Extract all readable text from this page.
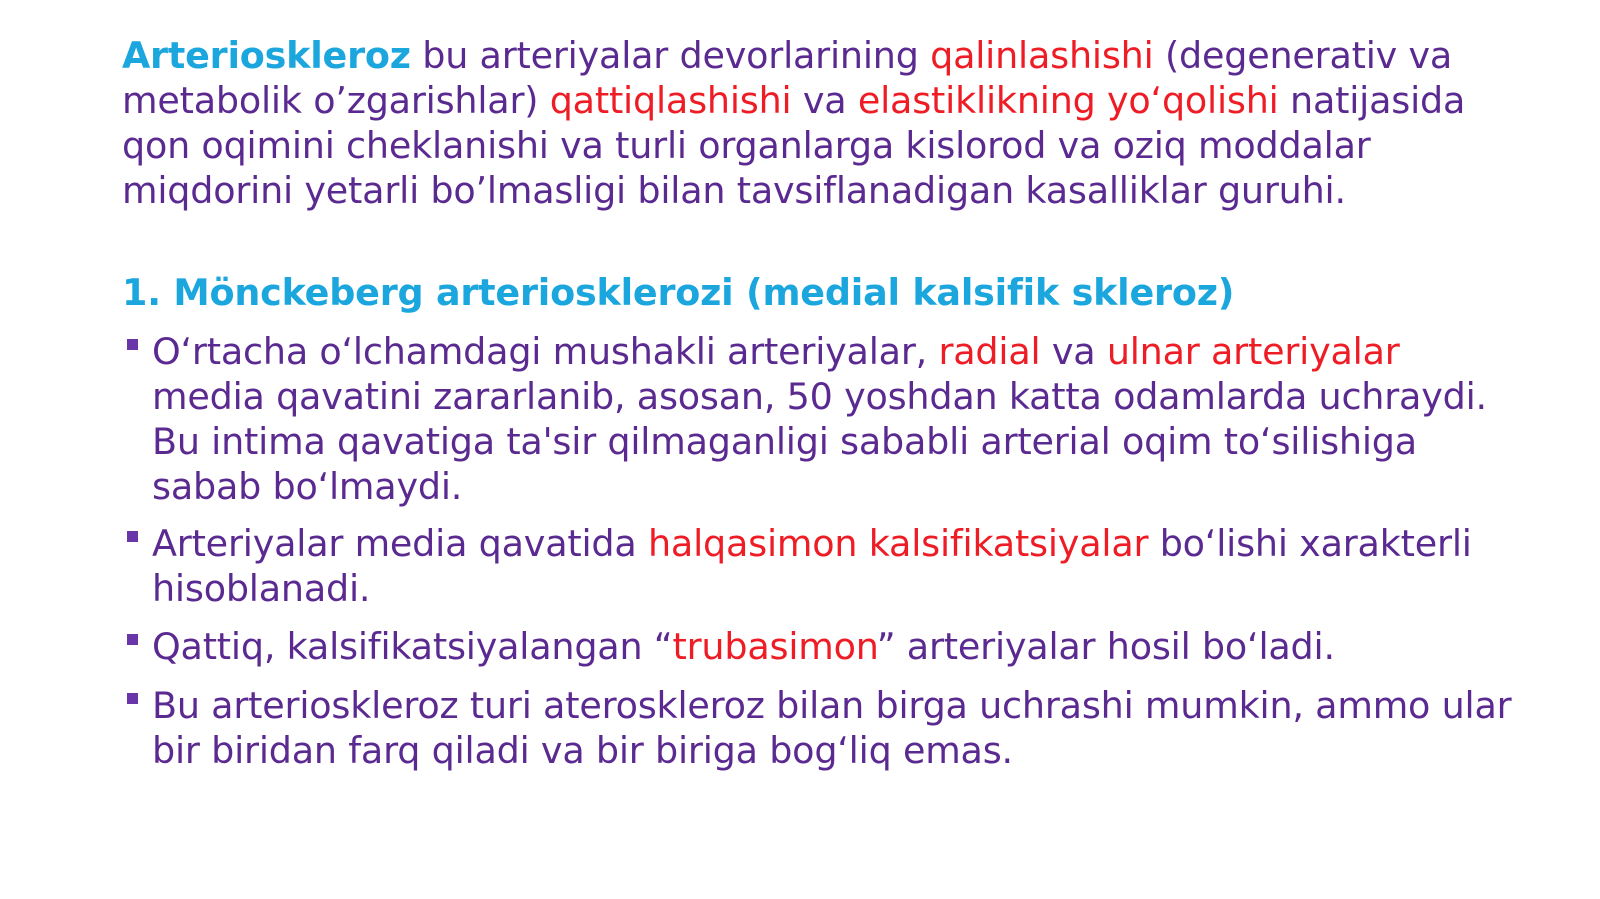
Arterioskleroz bu arteriyalar devorlarining qalinlashishi (degenerativ va metabolik o’zgarishlar) qattiqlashishi va elastiklikning yo‘qolishi natijasida qon oqimini cheklanishi va turli organlarga kislorod va oziq moddalar miqdorini yetarli bo’lmasligi bilan tavsiflanadigan kasalliklar guruhi.

1. Mönckeberg arteriosklerozi (medial kalsifik skleroz)

O‘rtacha o‘lchamdagi mushakli arteriyalar, radial va ulnar arteriyalar media qavatini zararlanib, asosan, 50 yoshdan katta odamlarda uchraydi. Bu intima qavatiga ta'sir qilmaganligi sababli arterial oqim to‘silishiga sabab bo‘lmaydi.
Arteriyalar media qavatida halqasimon kalsifikatsiyalar bo‘lishi xarakterli hisoblanadi.
Qattiq, kalsifikatsiyalangan “trubasimon” arteriyalar hosil bo‘ladi.
Bu arterioskleroz turi ateroskleroz bilan birga uchrashi mumkin, ammo ular bir biridan farq qiladi va bir biriga bog‘liq emas.
